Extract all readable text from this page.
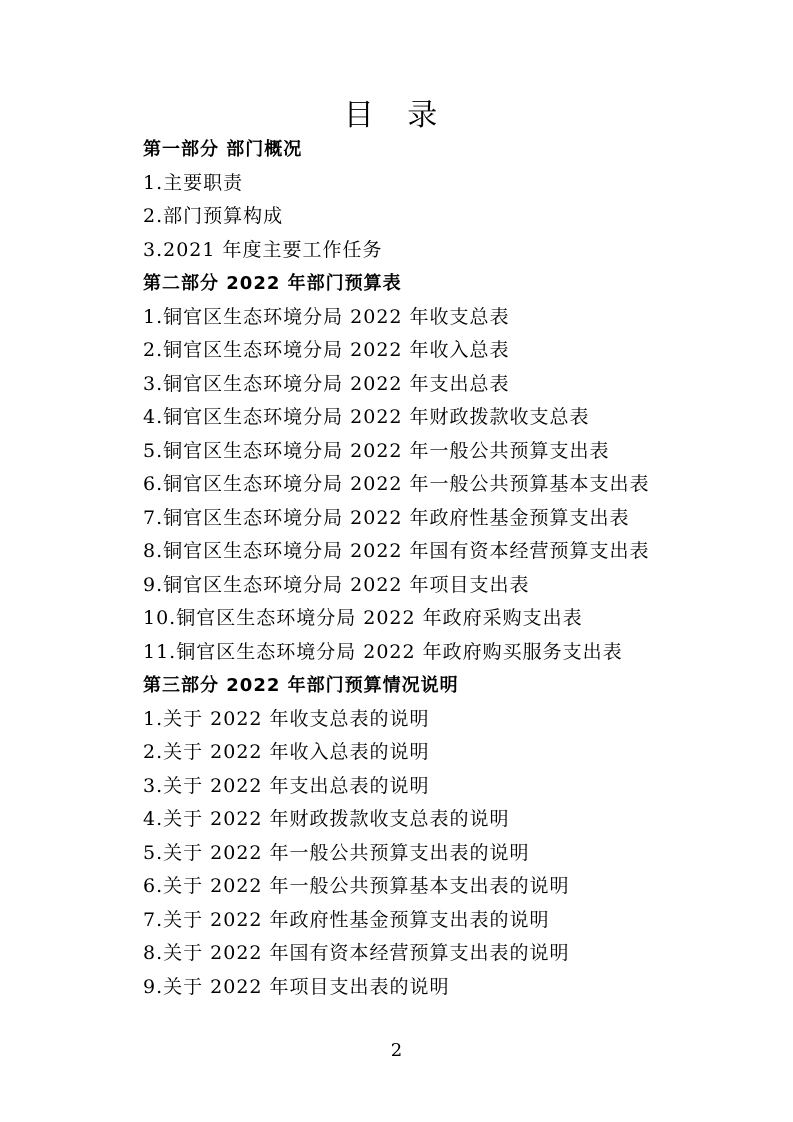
目 录
第一部分 部门概况
1.主要职责
2.部门预算构成
3.2021 年度主要工作任务
第二部分 2022 年部门预算表
1.铜官区生态环境分局 2022 年收支总表
2.铜官区生态环境分局 2022 年收入总表
3.铜官区生态环境分局 2022 年支出总表
4.铜官区生态环境分局 2022 年财政拨款收支总表
5.铜官区生态环境分局 2022 年一般公共预算支出表
6.铜官区生态环境分局 2022 年一般公共预算基本支出表
7.铜官区生态环境分局 2022 年政府性基金预算支出表
8.铜官区生态环境分局 2022 年国有资本经营预算支出表
9.铜官区生态环境分局 2022 年项目支出表
10.铜官区生态环境分局 2022 年政府采购支出表
11.铜官区生态环境分局 2022 年政府购买服务支出表
第三部分 2022 年部门预算情况说明
1.关于 2022 年收支总表的说明
2.关于 2022 年收入总表的说明
3.关于 2022 年支出总表的说明
4.关于 2022 年财政拨款收支总表的说明
5.关于 2022 年一般公共预算支出表的说明
6.关于 2022 年一般公共预算基本支出表的说明
7.关于 2022 年政府性基金预算支出表的说明
8.关于 2022 年国有资本经营预算支出表的说明
9.关于 2022 年项目支出表的说明
2
